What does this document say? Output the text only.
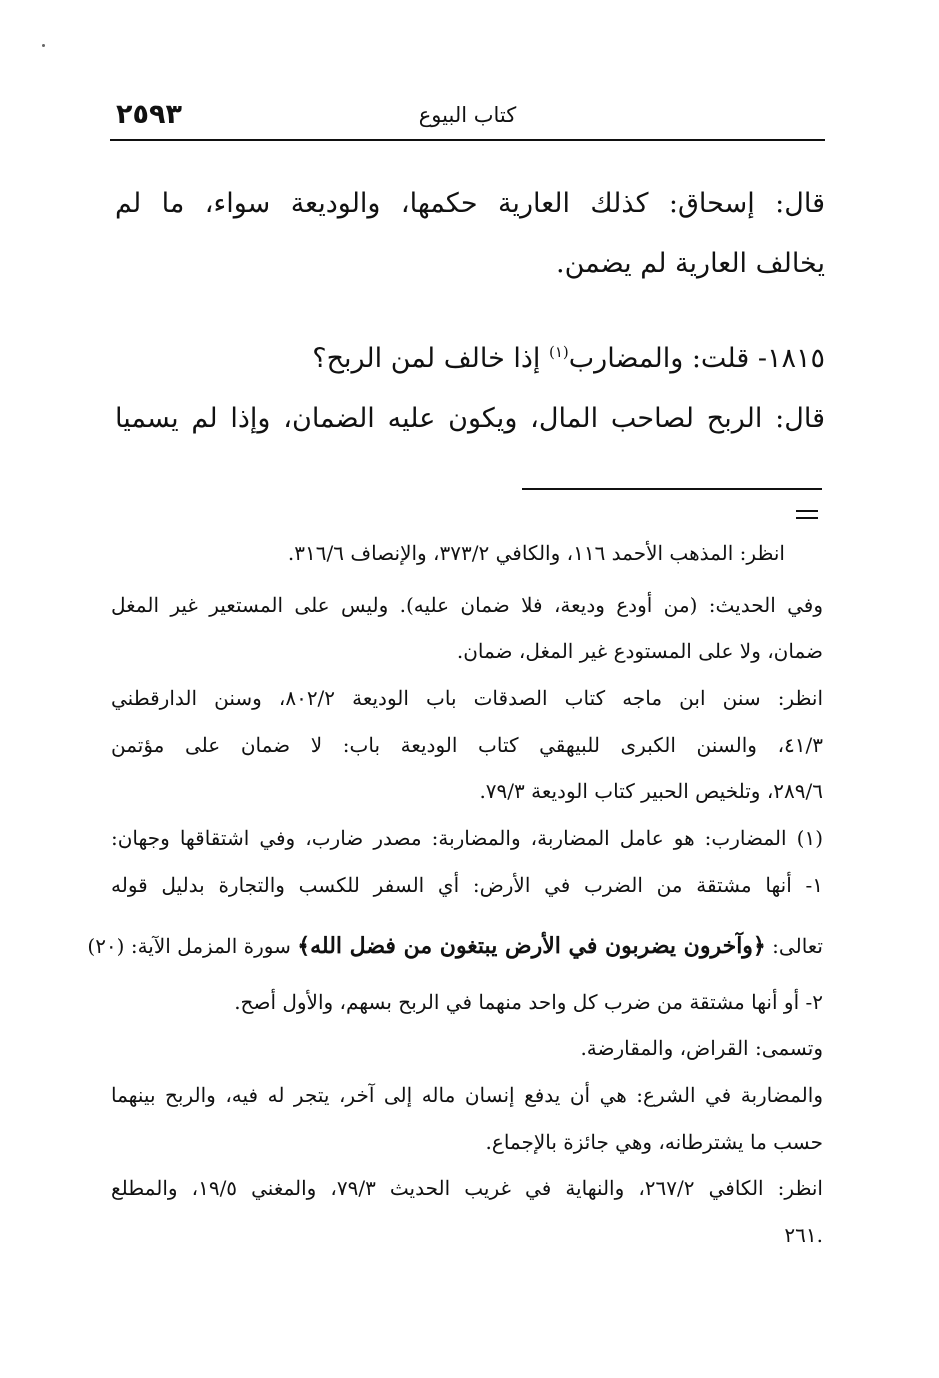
٢٥٩٣	كتاب البيوع
قال: إسحاق: كذلك العارية حكمها، والوديعة سواء، ما لم
يخالف العارية لم يضمن.
١٨١٥- قلت: والمضارب$^{(١)}$ إذا خالف لمن الربح؟
قال: الربح لصاحب المال، ويكون عليه الضمان، وإذا لم يسميا
انظر: المذهب الأحمد ١١٦، والكافي ٣٧٣/٢، والإنصاف ٣١٦/٦.
وفي الحديث: (من أودع وديعة، فلا ضمان عليه). وليس على المستعير غير المغل
ضمان، ولا على المستودع غير المغل، ضمان.
انظر: سنن ابن ماجه كتاب الصدقات باب الوديعة ٨٠٢/٢، وسنن الدارقطني
٤١/٣، والسنن الكبرى للبيهقي كتاب الوديعة باب: لا ضمان على مؤتمن
٢٨٩/٦، وتلخيص الحبير كتاب الوديعة ٧٩/٣.
(١) المضارب: هو عامل المضاربة، والمضاربة: مصدر ضارب، وفي اشتقاقها وجهان:
١- أنها مشتقة من الضرب في الأرض: أي السفر للكسب والتجارة بدليل قوله
تعالى: ﴿وآخرون يضربون في الأرض يبتغون من فضل الله﴾ سورة المزمل الآية: (٢٠)
٢- أو أنها مشتقة من ضرب كل واحد منهما في الربح بسهم، والأول أصح.
وتسمى: القراض، والمقارضة.
والمضاربة في الشرع: هي أن يدفع إنسان ماله إلى آخر، يتجر له فيه، والربح بينهما
حسب ما يشترطانه، وهي جائزة بالإجماع.
انظر: الكافي ٢٦٧/٢، والنهاية في غريب الحديث ٧٩/٣، والمغني ١٩/٥، والمطلع
.٢٦١
